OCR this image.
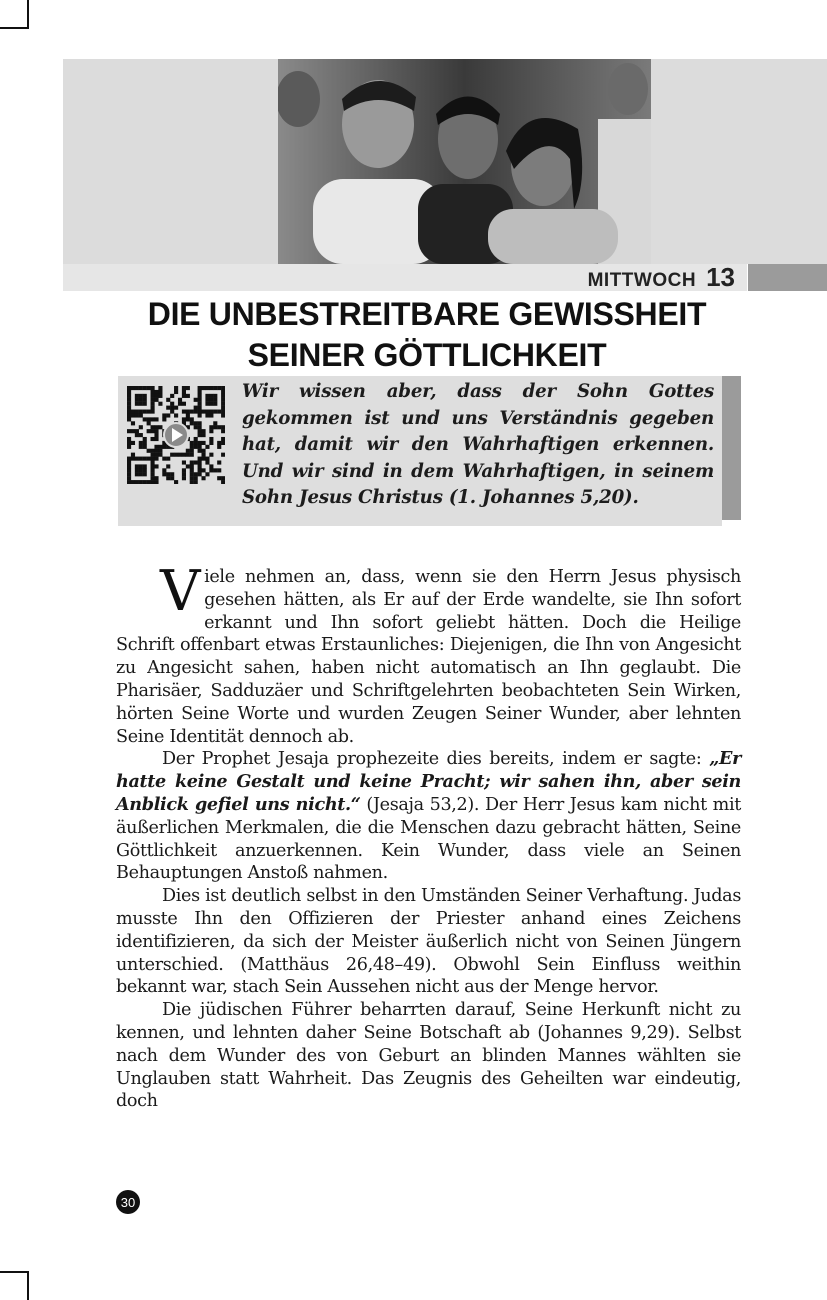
MITTWOCH 13
DIE UNBESTREITBARE GEWISSHEIT
SEINER GÖTTLICHKEIT
Wir wissen aber, dass der Sohn Gottes gekommen ist und uns Verständnis gegeben hat, damit wir den Wahrhaftigen erkennen. Und wir sind in dem Wahrhaftigen, in seinem Sohn Jesus Christus (1. Johannes 5,20).

Viele nehmen an, dass, wenn sie den Herrn Jesus physisch gesehen hätten, als Er auf der Erde wandelte, sie Ihn sofort erkannt und Ihn sofort geliebt hätten. Doch die Heilige Schrift offenbart etwas Erstaunliches: Diejenigen, die Ihn von Angesicht zu Angesicht sahen, haben nicht automatisch an Ihn geglaubt. Die Pharisäer, Sadduzäer und Schriftgelehrten beobachteten Sein Wirken, hörten Seine Worte und wurden Zeugen Seiner Wunder, aber lehnten Seine Identität dennoch ab.

Der Prophet Jesaja prophezeite dies bereits, indem er sagte: „Er hatte keine Gestalt und keine Pracht; wir sahen ihn, aber sein Anblick gefiel uns nicht.“ (Jesaja 53,2). Der Herr Jesus kam nicht mit äußerlichen Merkmalen, die die Menschen dazu gebracht hätten, Seine Göttlichkeit anzuerkennen. Kein Wunder, dass viele an Seinen Behauptungen Anstoß nahmen.

Dies ist deutlich selbst in den Umständen Seiner Verhaftung. Judas musste Ihn den Offizieren der Priester anhand eines Zeichens identifizieren, da sich der Meister äußerlich nicht von Seinen Jüngern unterschied. (Matthäus 26,48–49). Obwohl Sein Einfluss weithin bekannt war, stach Sein Aussehen nicht aus der Menge hervor.

Die jüdischen Führer beharrten darauf, Seine Herkunft nicht zu kennen, und lehnten daher Seine Botschaft ab (Johannes 9,29). Selbst nach dem Wunder des von Geburt an blinden Mannes wählten sie Unglauben statt Wahrheit. Das Zeugnis des Geheilten war eindeutig, doch

30
